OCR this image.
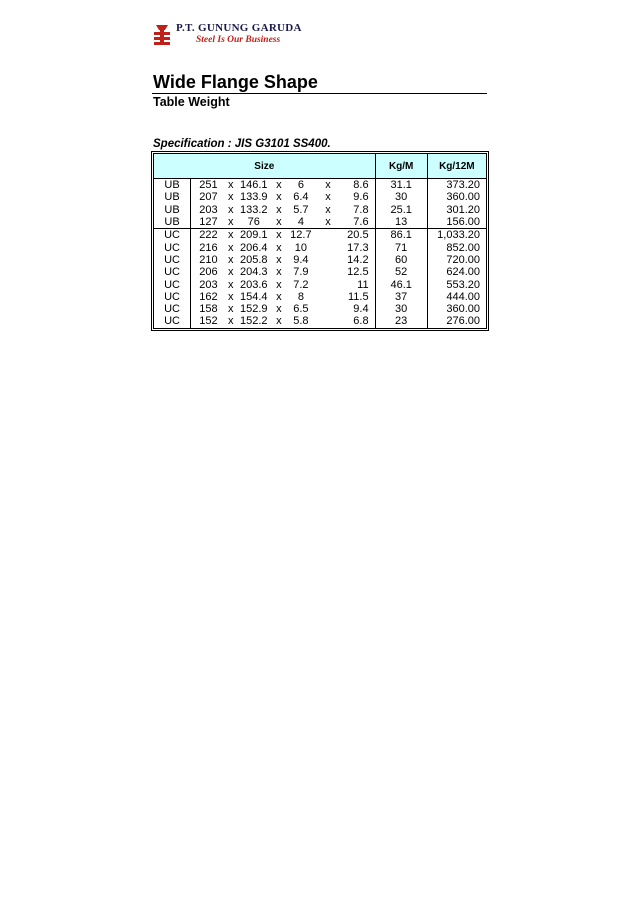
P.T. GUNUNG GARUDA
Steel Is Our Business
Wide Flange Shape
Table Weight
Specification : JIS G3101 SS400.
Size								Kg/M	Kg/12M
UB	251	x	146.1	x	6	x	8.6	31.1	373.20
UB	207	x	133.9	x	6.4	x	9.6	30	360.00
UB	203	x	133.2	x	5.7	x	7.8	25.1	301.20
UB	127	x	76	x	4	x	7.6	13	156.00
UC	222	x	209.1	x	12.7		20.5	86.1	1,033.20
UC	216	x	206.4	x	10		17.3	71	852.00
UC	210	x	205.8	x	9.4		14.2	60	720.00
UC	206	x	204.3	x	7.9		12.5	52	624.00
UC	203	x	203.6	x	7.2		11	46.1	553.20
UC	162	x	154.4	x	8		11.5	37	444.00
UC	158	x	152.9	x	6.5		9.4	30	360.00
UC	152	x	152.2	x	5.8		6.8	23	276.00
